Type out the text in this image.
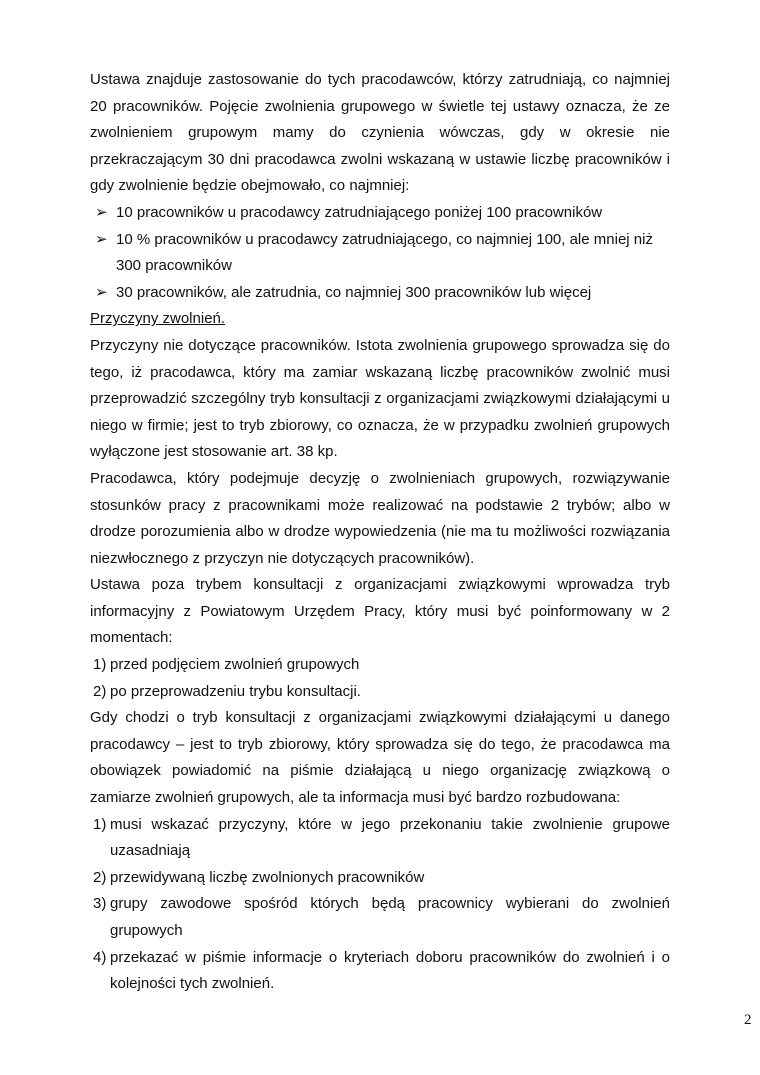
Ustawa znajduje zastosowanie do tych pracodawców, którzy zatrudniają, co najmniej 20 pracowników. Pojęcie zwolnienia grupowego w świetle tej ustawy oznacza, że ze zwolnieniem grupowym mamy do czynienia wówczas, gdy w okresie nie przekraczającym 30 dni pracodawca zwolni wskazaną w ustawie liczbę pracowników i gdy zwolnienie będzie obejmowało, co najmniej:

➢ 10 pracowników u pracodawcy zatrudniającego poniżej 100 pracowników

➢ 10 % pracowników u pracodawcy zatrudniającego, co najmniej 100, ale mniej niż 300 pracowników

➢ 30 pracowników, ale zatrudnia, co najmniej 300 pracowników lub więcej

Przyczyny zwolnień.

Przyczyny nie dotyczące pracowników. Istota zwolnienia grupowego sprowadza się do tego, iż pracodawca, który ma zamiar wskazaną liczbę pracowników zwolnić musi przeprowadzić szczególny tryb konsultacji z organizacjami związkowymi działającymi u niego w firmie; jest to tryb zbiorowy, co oznacza, że w przypadku zwolnień grupowych wyłączone jest stosowanie art. 38 kp.

Pracodawca, który podejmuje decyzję o zwolnieniach grupowych, rozwiązywanie stosunków pracy z pracownikami może realizować na podstawie 2 trybów; albo w drodze porozumienia albo w drodze wypowiedzenia (nie ma tu możliwości rozwiązania niezwłocznego z przyczyn nie dotyczących pracowników).

Ustawa poza trybem konsultacji z organizacjami związkowymi wprowadza tryb informacyjny z Powiatowym Urzędem Pracy, który musi być poinformowany w 2 momentach:

1) przed podjęciem zwolnień grupowych

2) po przeprowadzeniu trybu konsultacji.

Gdy chodzi o tryb konsultacji z organizacjami związkowymi działającymi u danego pracodawcy – jest to tryb zbiorowy, który sprowadza się do tego, że pracodawca ma obowiązek powiadomić na piśmie działającą u niego organizację związkową o zamiarze zwolnień grupowych, ale ta informacja musi być bardzo rozbudowana:

1) musi wskazać przyczyny, które w jego przekonaniu takie zwolnienie grupowe uzasadniają

2) przewidywaną liczbę zwolnionych pracowników

3) grupy zawodowe spośród których będą pracownicy wybierani do zwolnień grupowych

4) przekazać w piśmie informacje o kryteriach doboru pracowników do zwolnień i o kolejności tych zwolnień.

2
